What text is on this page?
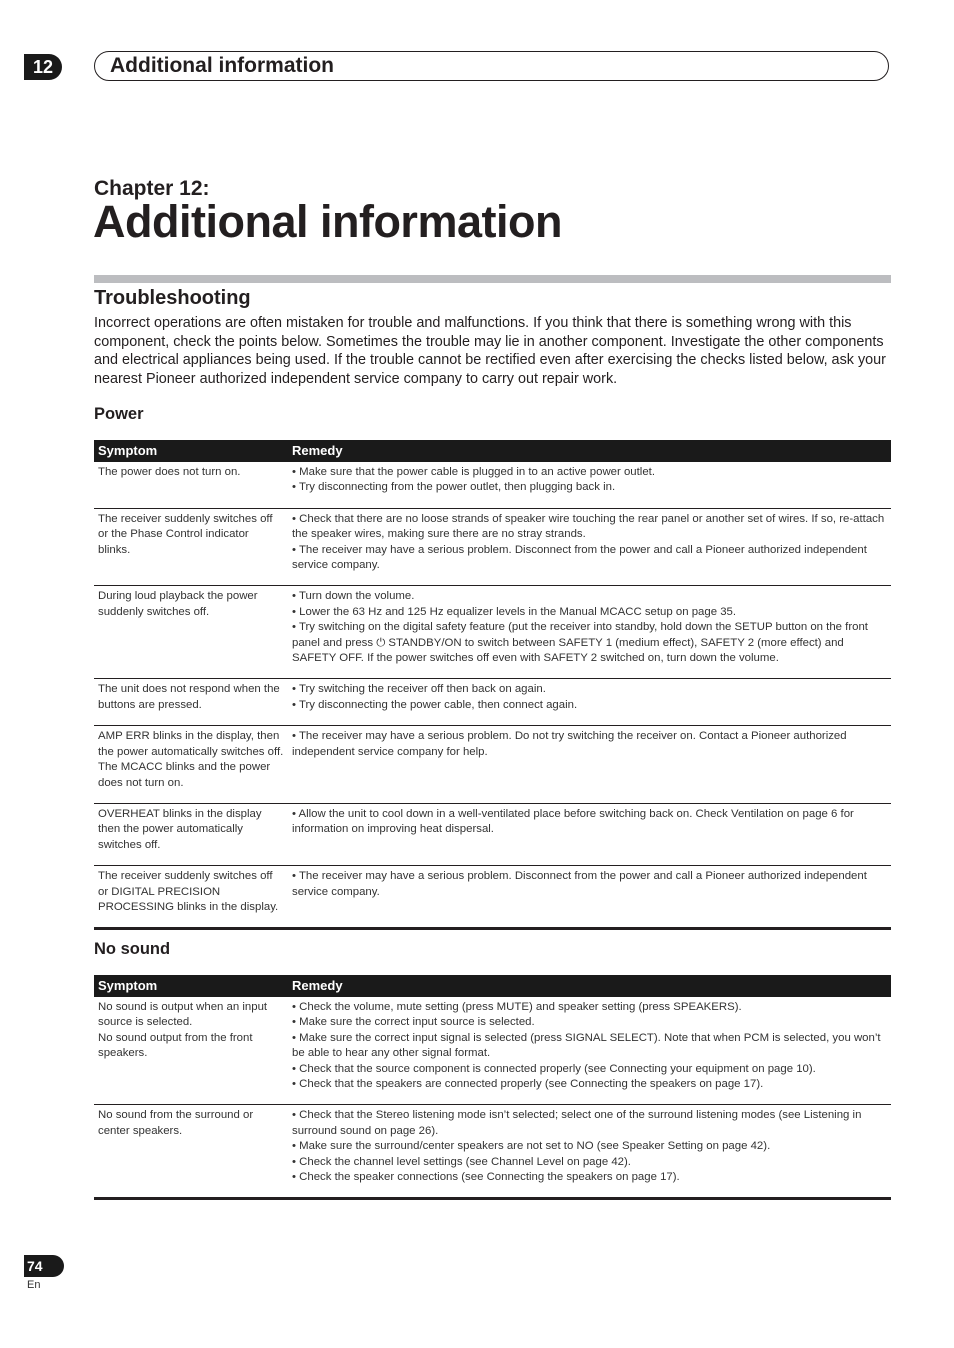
12	Additional information
Chapter 12:
Additional information
Troubleshooting
Incorrect operations are often mistaken for trouble and malfunctions. If you think that there is something wrong with this component, check the points below. Sometimes the trouble may lie in another component. Investigate the other components and electrical appliances being used. If the trouble cannot be rectified even after exercising the checks listed below, ask your nearest Pioneer authorized independent service company to carry out repair work.
Power
Symptom	Remedy
The power does not turn on.	• Make sure that the power cable is plugged in to an active power outlet.
• Try disconnecting from the power outlet, then plugging back in.

The receiver suddenly switches off or the Phase Control indicator blinks.	• Check that there are no loose strands of speaker wire touching the rear panel or another set of wires. If so, re-attach the speaker wires, making sure there are no stray strands.
• The receiver may have a serious problem. Disconnect from the power and call a Pioneer authorized independent service company.

During loud playback the power suddenly switches off.	• Turn down the volume.
• Lower the 63 Hz and 125 Hz equalizer levels in the Manual MCACC setup on page 35.
• Try switching on the digital safety feature (put the receiver into standby, hold down the SETUP button on the front panel and press ⏻ STANDBY/ON to switch between SAFETY 1 (medium effect), SAFETY 2 (more effect) and SAFETY OFF. If the power switches off even with SAFETY 2 switched on, turn down the volume.

The unit does not respond when the buttons are pressed.	• Try switching the receiver off then back on again.
• Try disconnecting the power cable, then connect again.

AMP ERR blinks in the display, then the power automatically switches off. The MCACC blinks and the power does not turn on.	• The receiver may have a serious problem. Do not try switching the receiver on. Contact a Pioneer authorized independent service company for help.

OVERHEAT blinks in the display then the power automatically switches off.	• Allow the unit to cool down in a well-ventilated place before switching back on. Check Ventilation on page 6 for information on improving heat dispersal.

The receiver suddenly switches off or DIGITAL PRECISION PROCESSING blinks in the display.	• The receiver may have a serious problem. Disconnect from the power and call a Pioneer authorized independent service company.
No sound
Symptom	Remedy
No sound is output when an input source is selected.
No sound output from the front speakers.	• Check the volume, mute setting (press MUTE) and speaker setting (press SPEAKERS).
• Make sure the correct input source is selected.
• Make sure the correct input signal is selected (press SIGNAL SELECT). Note that when PCM is selected, you won’t be able to hear any other signal format.
• Check that the source component is connected properly (see Connecting your equipment on page 10).
• Check that the speakers are connected properly (see Connecting the speakers on page 17).

No sound from the surround or center speakers.	• Check that the Stereo listening mode isn’t selected; select one of the surround listening modes (see Listening in surround sound on page 26).
• Make sure the surround/center speakers are not set to NO (see Speaker Setting on page 42).
• Check the channel level settings (see Channel Level on page 42).
• Check the speaker connections (see Connecting the speakers on page 17).
74
En
